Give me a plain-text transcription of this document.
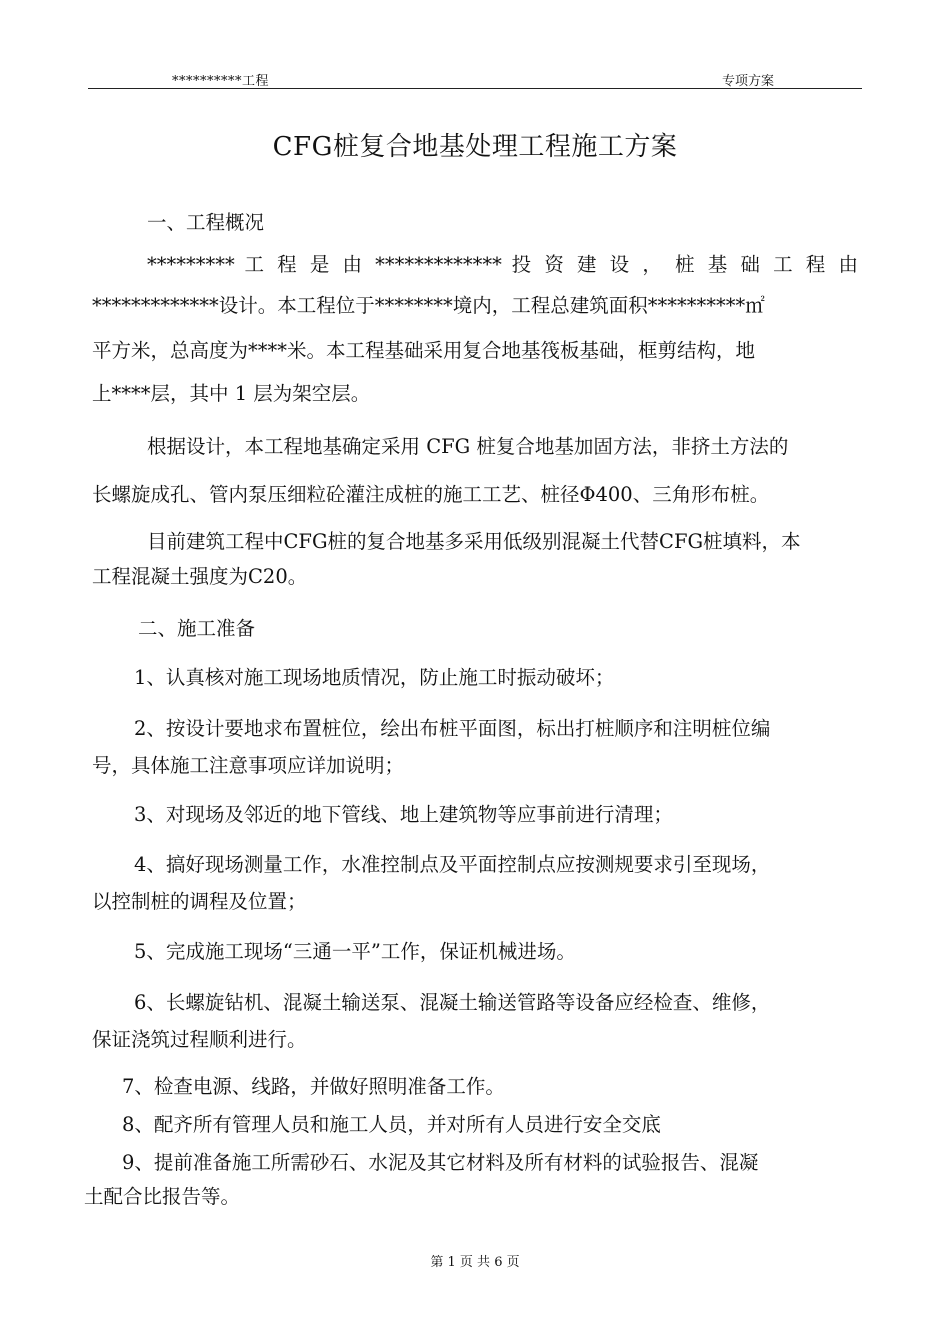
**********工程	专项方案
CFG桩复合地基处理工程施工方案
一、工程概况
********* 工 程 是 由 ************* 投 资 建 设 ， 桩 基 础 工 程 由
*************设计。本工程位于********境内，工程总建筑面积**********㎡
平方米，总高度为****米。本工程基础采用复合地基筏板基础，框剪结构，地
上****层，其中 1 层为架空层。
根据设计，本工程地基确定采用 CFG 桩复合地基加固方法，非挤土方法的
长螺旋成孔、管内泵压细粒砼灌注成桩的施工工艺、桩径Φ400、三角形布桩。
目前建筑工程中CFG桩的复合地基多采用低级别混凝土代替CFG桩填料，本
工程混凝土强度为C20。
二、施工准备
1、认真核对施工现场地质情况，防止施工时振动破坏；
2、按设计要地求布置桩位，绘出布桩平面图，标出打桩顺序和注明桩位编
号，具体施工注意事项应详加说明；
3、对现场及邻近的地下管线、地上建筑物等应事前进行清理；
4、搞好现场测量工作，水准控制点及平面控制点应按测规要求引至现场，
以控制桩的调程及位置；
5、完成施工现场“三通一平”工作，保证机械进场。
6、长螺旋钻机、混凝土输送泵、混凝土输送管路等设备应经检查、维修，
保证浇筑过程顺利进行。
7、检查电源、线路，并做好照明准备工作。
8、配齐所有管理人员和施工人员，并对所有人员进行安全交底
9、提前准备施工所需砂石、水泥及其它材料及所有材料的试验报告、混凝
土配合比报告等。
第 1 页 共 6 页
